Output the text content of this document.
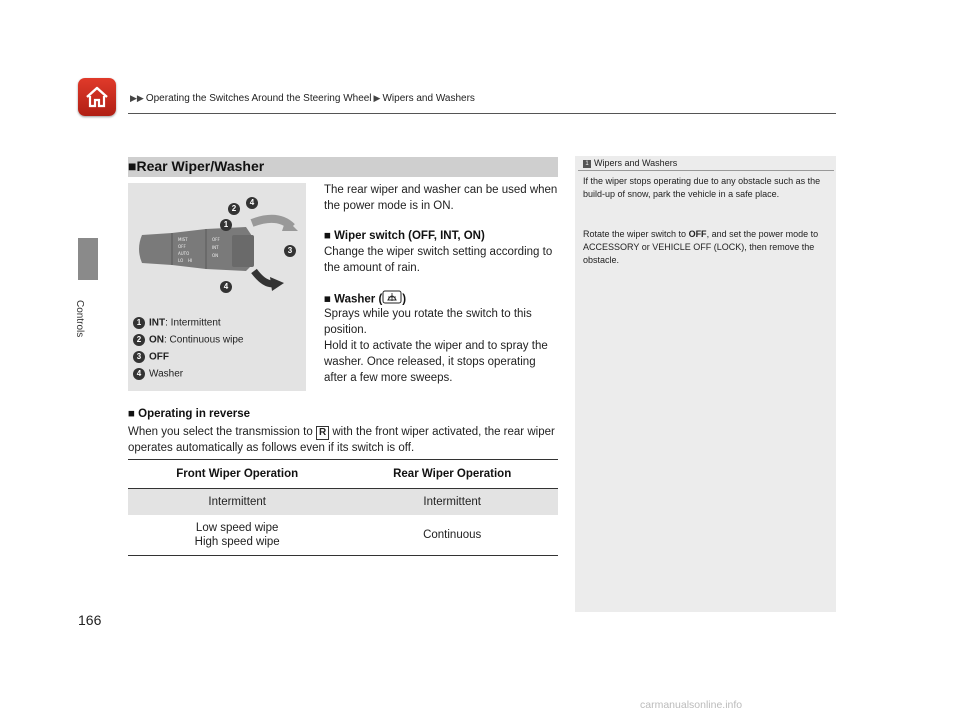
▶▶ Operating the Switches Around the Steering Wheel ▶ Wipers and Washers
Controls
■Rear Wiper/Washer
MIST
OFF
AUTO
LO HI
OFF
INT
ON
1
2
3
4
4
1 INT: Intermittent
2 ON: Continuous wipe
3 OFF
4 Washer
The rear wiper and washer can be used when the power mode is in ON.
■ Wiper switch (OFF, INT, ON)
Change the wiper switch setting according to the amount of rain.
■ Washer ( )
Sprays while you rotate the switch to this position.
Hold it to activate the wiper and to spray the washer. Once released, it stops operating after a few more sweeps.
■ Operating in reverse
When you select the transmission to R with the front wiper activated, the rear wiper operates automatically as follows even if its switch is off.
Front Wiper Operation	Rear Wiper Operation
Intermittent	Intermittent
Low speed wipe
High speed wipe	Continuous
1 Wipers and Washers
If the wiper stops operating due to any obstacle such as the build-up of snow, park the vehicle in a safe place.
Rotate the wiper switch to OFF, and set the power mode to ACCESSORY or VEHICLE OFF (LOCK), then remove the obstacle.
166
carmanualsonline.info
